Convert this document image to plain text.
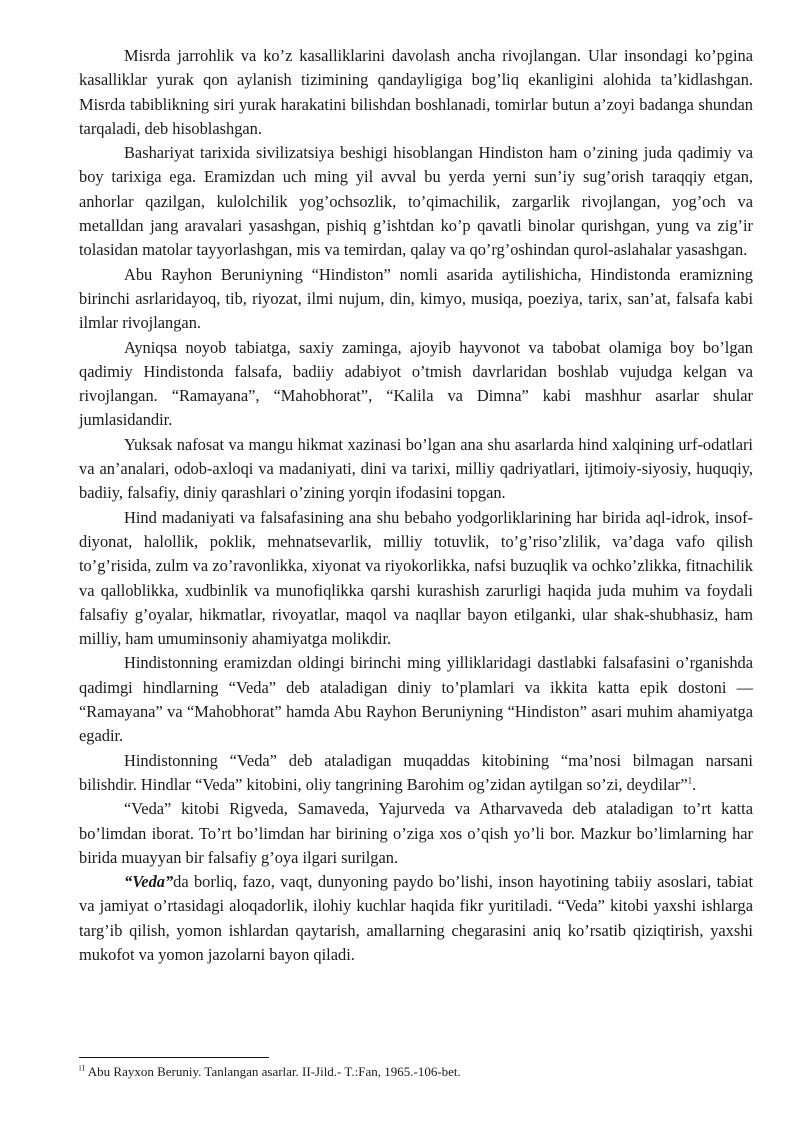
Misrda jarrohlik va ko’z kasalliklarini davolash ancha rivojlangan. Ular insondagi ko’pgina kasalliklar yurak qon aylanish tizimining qandayligiga bog’liq ekanligini alohida ta’kidlashgan. Misrda tabiblikning siri yurak harakatini bilishdan boshlanadi, tomirlar butun a’zoyi badanga shundan tarqaladi, deb hisoblashgan.

Bashariyat tarixida sivilizatsiya beshigi hisoblangan Hindiston ham o’zining juda qadimiy va boy tarixiga ega. Eramizdan uch ming yil avval bu yerda yerni sun’iy sug’orish taraqqiy etgan, anhorlar qazilgan, kulolchilik yog’ochsozlik, to’qimachilik, zargarlik rivojlangan, yog’och va metalldan jang aravalari yasashgan, pishiq g’ishtdan ko’p qavatli binolar qurishgan, yung va zig’ir tolasidan matolar tayyorlashgan, mis va temirdan, qalay va qo’rg’oshindan qurol-aslahalar yasashgan.

Abu Rayhon Beruniyning “Hindiston” nomli asarida aytilishicha, Hindistonda eramizning birinchi asrlaridayoq, tib, riyozat, ilmi nujum, din, kimyo, musiqa, poeziya, tarix, san’at, falsafa kabi ilmlar rivojlangan.

Ayniqsa noyob tabiatga, saxiy zaminga, ajoyib hayvonot va tabobat olamiga boy bo’lgan qadimiy Hindistonda falsafa, badiiy adabiyot o’tmish davrlaridan boshlab vujudga kelgan va rivojlangan. “Ramayana”, “Mahobhorat”, “Kalila va Dimna” kabi mashhur asarlar shular jumlasidandir.

Yuksak nafosat va mangu hikmat xazinasi bo’lgan ana shu asarlarda hind xalqining urf-odatlari va an’analari, odob-axloqi va madaniyati, dini va tarixi, milliy qadriyatlari, ijtimoiy-siyosiy, huquqiy, badiiy, falsafiy, diniy qarashlari o’zining yorqin ifodasini topgan.

Hind madaniyati va falsafasining ana shu bebaho yodgorliklarining har birida aql-idrok, insof-diyonat, halollik, poklik, mehnatsevarlik, milliy totuvlik, to’g’riso’zlilik, va’daga vafo qilish to’g’risida, zulm va zo’ravonlikka, xiyonat va riyokorlikka, nafsi buzuqlik va ochko’zlikka, fitnachilik va qalloblikka, xudbinlik va munofiqlikka qarshi kurashish zarurligi haqida juda muhim va foydali falsafiy g’oyalar, hikmatlar, rivoyatlar, maqol va naqllar bayon etilganki, ular shak-shubhasiz, ham milliy, ham umuminsoniy ahamiyatga molikdir.

Hindistonning eramizdan oldingi birinchi ming yilliklaridagi dastlabki falsafasini o’rganishda qadimgi hindlarning “Veda” deb ataladigan diniy to’plamlari va ikkita katta epik dostoni — “Ramayana” va “Mahobhorat” hamda Abu Rayhon Beruniyning “Hindiston” asari muhim ahamiyatga egadir.

Hindistonning “Veda” deb ataladigan muqaddas kitobining “ma’nosi bilmagan narsani bilishdir. Hindlar “Veda” kitobini, oliy tangrining Barohim og’zidan aytilgan so’zi, deydilar”$^1$.

“Veda” kitobi Rigveda, Samaveda, Yajurveda va Atharvaveda deb ataladigan to’rt katta bo’limdan iborat. To’rt bo’limdan har birining o’ziga xos o’qish yo’li bor. Mazkur bo’limlarning har birida muayyan bir falsafiy g’oya ilgari surilgan.

“Veda”da borliq, fazo, vaqt, dunyoning paydo bo’lishi, inson hayotining tabiiy asoslari, tabiat va jamiyat o’rtasidagi aloqadorlik, ilohiy kuchlar haqida fikr yuritiladi. “Veda” kitobi yaxshi ishlarga targ’ib qilish, yomon ishlardan qaytarish, amallarning chegarasini aniq ko’rsatib qiziqtirish, yaxshi mukofot va yomon jazolarni bayon qiladi.

$^{i1}$ Abu Rayxon Beruniy. Tanlangan asarlar. II-Jild.- T.:Fan, 1965.-106-bet.
